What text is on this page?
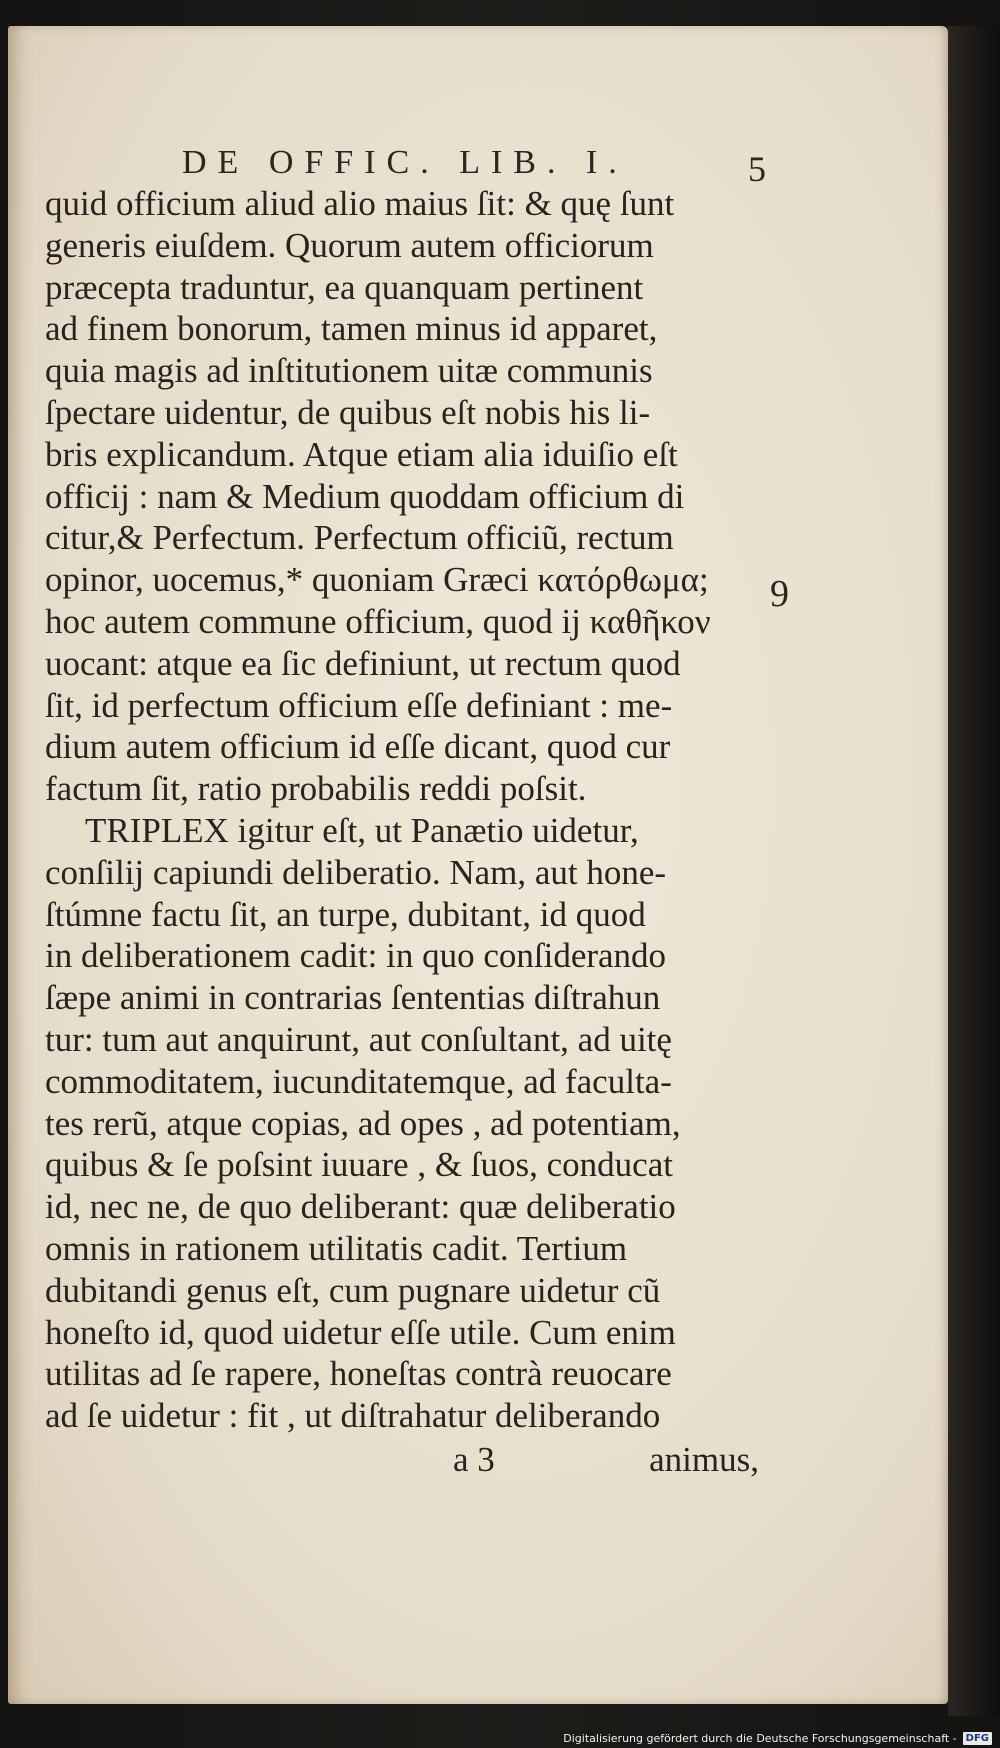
DE OFFIC. LIB. I.	5
9
quid officium aliud alio maius ſit: & quę ſunt
generis eiuſdem. Quorum autem officiorum
præcepta traduntur, ea quanquam pertinent
ad finem bonorum, tamen minus id apparet,
quia magis ad inſtitutionem uitæ communis
ſpectare uidentur, de quibus eſt nobis his li-
bris explicandum. Atque etiam alia iduiſio eſt
officij : nam & Medium quoddam officium di
citur,& Perfectum. Perfectum officiũ, rectum
opinor, uocemus,* quoniam Græci κατόρθωμα;
hoc autem commune officium, quod ij καθῆκον
uocant: atque ea ſic definiunt, ut rectum quod
ſit, id perfectum officium eſſe definiant : me-
dium autem officium id eſſe dicant, quod cur
factum ſit, ratio probabilis reddi poſsit.
TRIPLEX igitur eſt, ut Panætio uidetur,
conſilij capiundi deliberatio. Nam, aut hone-
ſtúmne factu ſit, an turpe, dubitant, id quod
in deliberationem cadit: in quo conſiderando
ſæpe animi in contrarias ſententias diſtrahun
tur: tum aut anquirunt, aut conſultant, ad uitę
commoditatem, iucunditatemque, ad faculta-
tes rerũ, atque copias, ad opes , ad potentiam,
quibus & ſe poſsint iuuare , & ſuos, conducat
id, nec ne, de quo deliberant: quæ deliberatio
omnis in rationem utilitatis cadit. Tertium
dubitandi genus eſt, cum pugnare uidetur cũ
honeſto id, quod uidetur eſſe utile. Cum enim
utilitas ad ſe rapere, honeſtas contrà reuocare
ad ſe uidetur : fit , ut diſtrahatur deliberando
a 3	animus,
Digitalisierung gefördert durch die Deutsche Forschungsgemeinschaft - DFG
